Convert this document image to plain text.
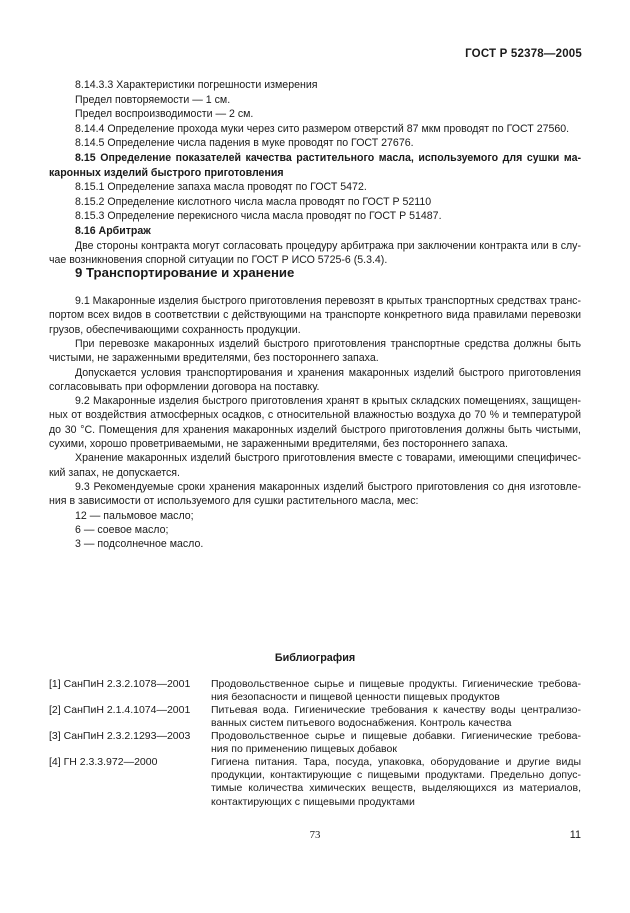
ГОСТ Р 52378—2005
8.14.3.3 Характеристики погрешности измерения
Предел повторяемости — 1 см.
Предел воспроизводимости — 2 см.
8.14.4 Определение прохода муки через сито размером отверстий 87 мкм проводят по ГОСТ 27560.
8.14.5 Определение числа падения в муке проводят по ГОСТ 27676.
8.15 Определение показателей качества растительного масла, используемого для сушки ма-
каронных изделий быстрого приготовления
8.15.1 Определение запаха масла проводят по ГОСТ 5472.
8.15.2 Определение кислотного числа масла проводят по ГОСТ Р 52110
8.15.3 Определение перекисного числа масла проводят по ГОСТ Р 51487.
8.16 Арбитраж
Две стороны контракта могут согласовать процедуру арбитража при заключении контракта или в слу-
чае возникновения спорной ситуации по ГОСТ Р ИСО 5725-6 (5.3.4).
9 Транспортирование и хранение
9.1 Макаронные изделия быстрого приготовления перевозят в крытых транспортных средствах транс-
портом всех видов в соответствии с действующими на транспорте конкретного вида правилами перевозки
грузов, обеспечивающими сохранность продукции.
При перевозке макаронных изделий быстрого приготовления транспортные средства должны быть
чистыми, не зараженными вредителями, без постороннего запаха.
Допускается условия транспортирования и хранения макаронных изделий быстрого приготовления
согласовывать при оформлении договора на поставку.
9.2 Макаронные изделия быстрого приготовления хранят в крытых складских помещениях, защищен-
ных от воздействия атмосферных осадков, с относительной влажностью воздуха до 70 % и температурой
до 30 °С. Помещения для хранения макаронных изделий быстрого приготовления должны быть чистыми,
сухими, хорошо проветриваемыми, не зараженными вредителями, без постороннего запаха.
Хранение макаронных изделий быстрого приготовления вместе с товарами, имеющими специфичес-
кий запах, не допускается.
9.3 Рекомендуемые сроки хранения макаронных изделий быстрого приготовления со дня изготовле-
ния в зависимости от используемого для сушки растительного масла, мес:
12 — пальмовое масло;
6 — соевое масло;
3 — подсолнечное масло.
Библиография
[1] СанПиН 2.3.2.1078—2001 Продовольственное сырье и пищевые продукты. Гигиенические требова-
ния безопасности и пищевой ценности пищевых продуктов
[2] СанПиН 2.1.4.1074—2001 Питьевая вода. Гигиенические требования к качеству воды централизо-
ванных систем питьевого водоснабжения. Контроль качества
[3] СанПиН 2.3.2.1293—2003 Продовольственное сырье и пищевые добавки. Гигиенические требова-
ния по применению пищевых добавок
[4] ГН 2.3.3.972—2000	Гигиена питания. Тара, посуда, упаковка, оборудование и другие виды
продукции, контактирующие с пищевыми продуктами. Предельно допус-
тимые количества химических веществ, выделяющихся из материалов,
контактирующих с пищевыми продуктами
73	11
